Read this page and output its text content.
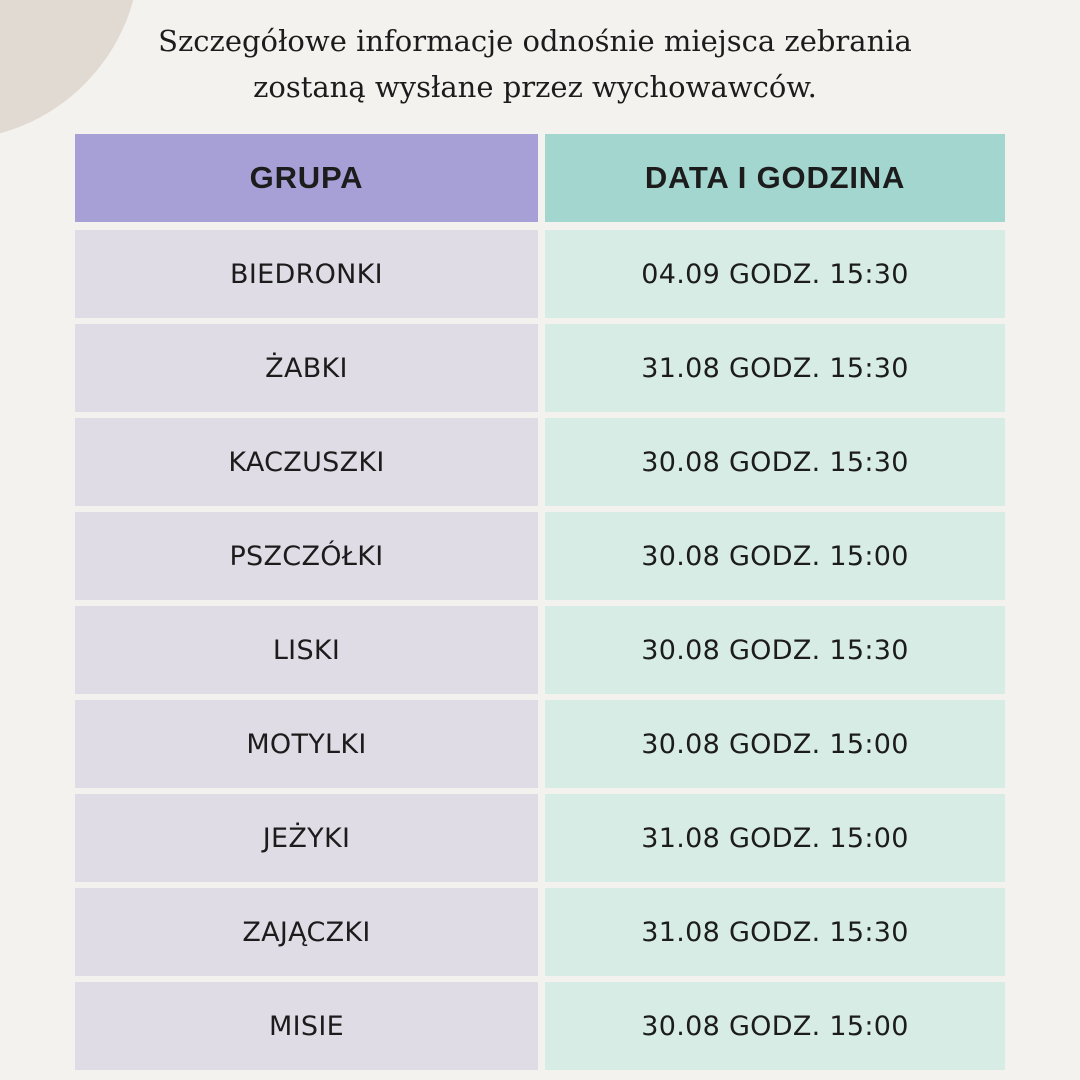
Szczegółowe informacje odnośnie miejsca zebrania
zostaną wysłane przez wychowawców.

GRUPA	DATA I GODZINA
BIEDRONKI	04.09 GODZ. 15:30
ŻABKI	31.08 GODZ. 15:30
KACZUSZKI	30.08 GODZ. 15:30
PSZCZÓŁKI	30.08 GODZ. 15:00
LISKI	30.08 GODZ. 15:30
MOTYLKI	30.08 GODZ. 15:00
JEŻYKI	31.08 GODZ. 15:00
ZAJĄCZKI	31.08 GODZ. 15:30
MISIE	30.08 GODZ. 15:00
